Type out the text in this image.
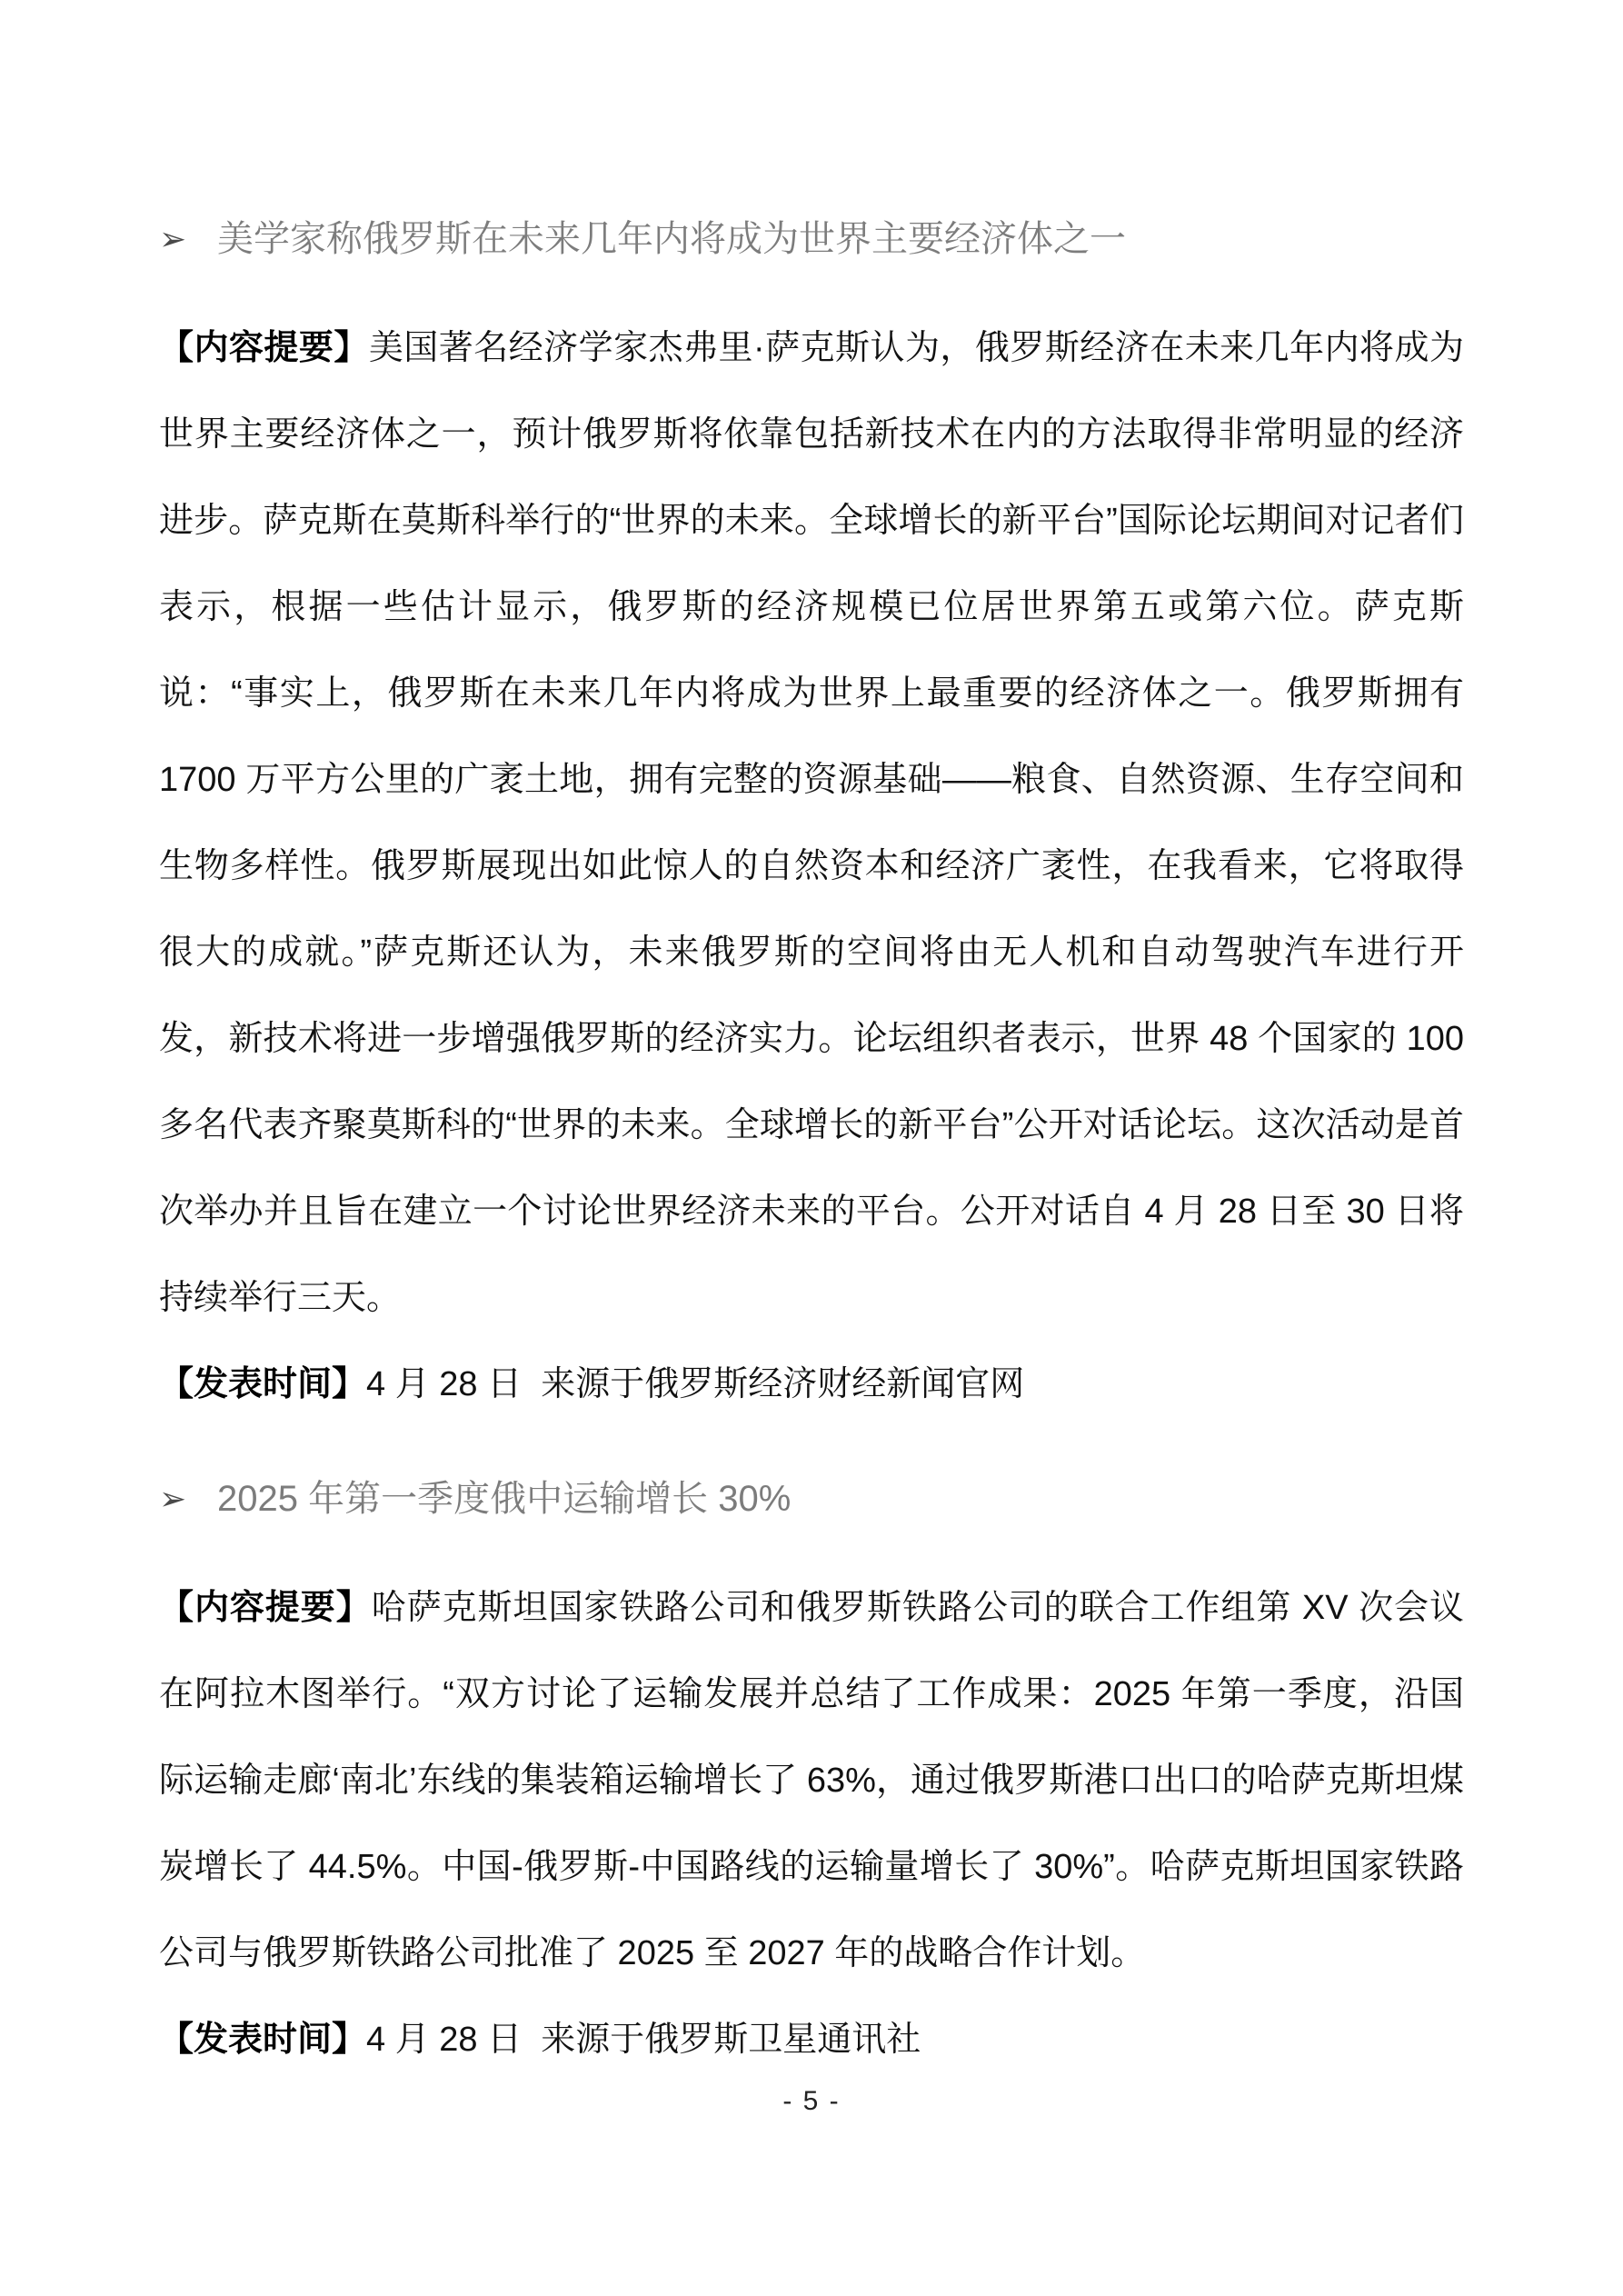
➢ 美学家称俄罗斯在未来几年内将成为世界主要经济体之一

【内容提要】美国著名经济学家杰弗里·萨克斯认为，俄罗斯经济在未来几年内将成为世界主要经济体之一，预计俄罗斯将依靠包括新技术在内的方法取得非常明显的经济进步。萨克斯在莫斯科举行的“世界的未来。全球增长的新平台”国际论坛期间对记者们表示，根据一些估计显示，俄罗斯的经济规模已位居世界第五或第六位。萨克斯说：“事实上，俄罗斯在未来几年内将成为世界上最重要的经济体之一。俄罗斯拥有 1700 万平方公里的广袤土地，拥有完整的资源基础——粮食、自然资源、生存空间和生物多样性。俄罗斯展现出如此惊人的自然资本和经济广袤性，在我看来，它将取得很大的成就。”萨克斯还认为，未来俄罗斯的空间将由无人机和自动驾驶汽车进行开发，新技术将进一步增强俄罗斯的经济实力。论坛组织者表示，世界 48 个国家的 100 多名代表齐聚莫斯科的“世界的未来。全球增长的新平台”公开对话论坛。这次活动是首次举办并且旨在建立一个讨论世界经济未来的平台。公开对话自 4 月 28 日至 30 日将持续举行三天。

【发表时间】4 月 28 日  来源于俄罗斯经济财经新闻官网

➢ 2025 年第一季度俄中运输增长 30%

【内容提要】哈萨克斯坦国家铁路公司和俄罗斯铁路公司的联合工作组第 XV 次会议在阿拉木图举行。“双方讨论了运输发展并总结了工作成果：2025 年第一季度，沿国际运输走廊‘南北’东线的集装箱运输增长了 63%，通过俄罗斯港口出口的哈萨克斯坦煤炭增长了 44.5%。中国-俄罗斯-中国路线的运输量增长了 30%”。哈萨克斯坦国家铁路公司与俄罗斯铁路公司批准了 2025 至 2027 年的战略合作计划。

【发表时间】4 月 28 日  来源于俄罗斯卫星通讯社

- 5 -
